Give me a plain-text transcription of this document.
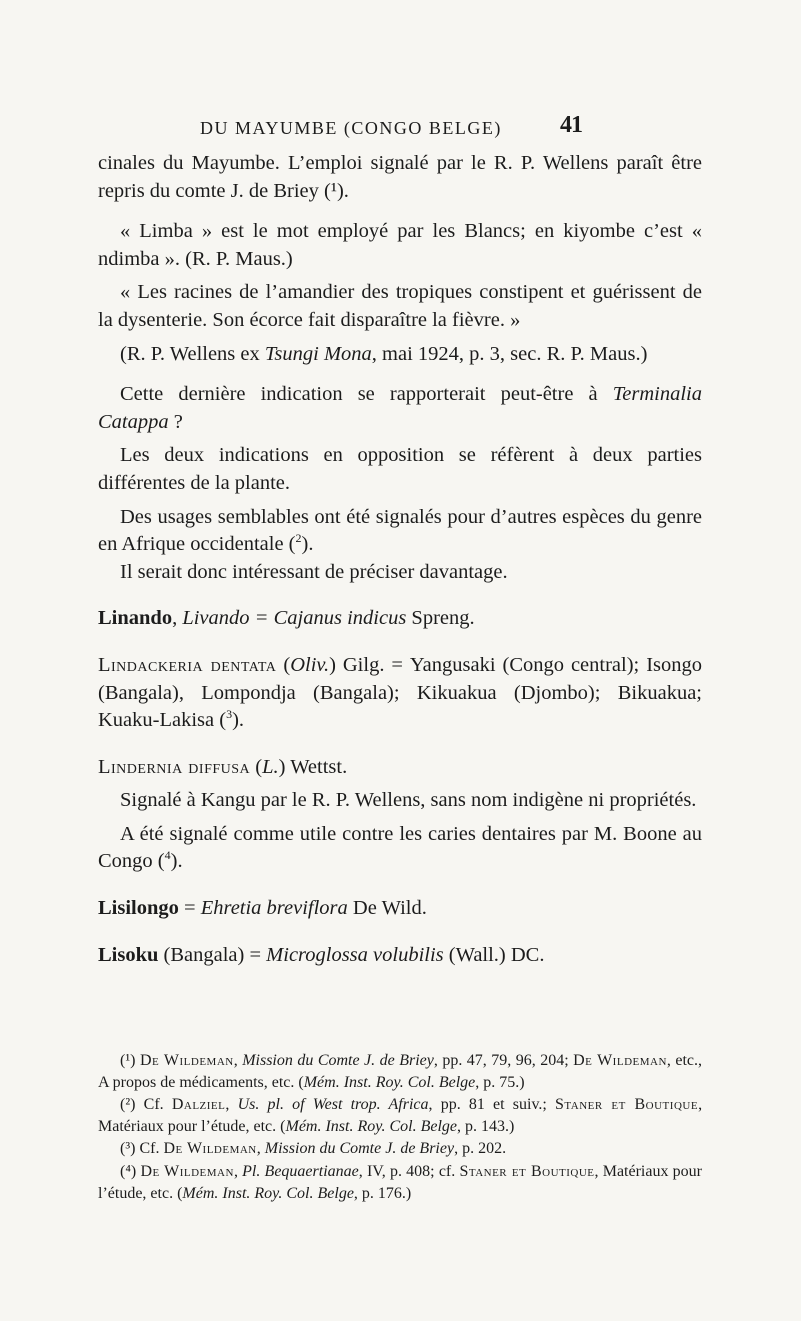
DU MAYUMBE (CONGO BELGE) 41

cinales du Mayumbe. L’emploi signalé par le R. P. Wellens paraît être repris du comte J. de Briey (¹).

« Limba » est le mot employé par les Blancs; en kiyombe c’est « ndimba ». (R. P. Maus.)

« Les racines de l’amandier des tropiques constipent et guérissent de la dysenterie. Son écorce fait disparaître la fièvre. »

(R. P. Wellens ex Tsungi Mona, mai 1924, p. 3, sec. R. P. Maus.)

Cette dernière indication se rapporterait peut-être à Terminalia Catappa ?

Les deux indications en opposition se réfèrent à deux parties différentes de la plante.

Des usages semblables ont été signalés pour d’autres espèces du genre en Afrique occidentale ($^2$).

Il serait donc intéressant de préciser davantage.

Linando, Livando = Cajanus indicus Spreng.

Lindackeria dentata (Oliv.) Gilg. = Yangusaki (Congo central); Isongo (Bangala), Lompondja (Bangala); Kikuakua (Djombo); Bikuakua; Kuaku-Lakisa ($^3$).

Lindernia diffusa (L.) Wettst.

Signalé à Kangu par le R. P. Wellens, sans nom indigène ni propriétés.

A été signalé comme utile contre les caries dentaires par M. Boone au Congo ($^4$).

Lisilongo = Ehretia breviflora De Wild.

Lisoku (Bangala) = Microglossa volubilis (Wall.) DC.

(¹) De Wildeman, Mission du Comte J. de Briey, pp. 47, 79, 96, 204; De Wildeman, etc., A propos de médicaments, etc. (Mém. Inst. Roy. Col. Belge, p. 75.)

(²) Cf. Dalziel, Us. pl. of West trop. Africa, pp. 81 et suiv.; Staner et Boutique, Matériaux pour l’étude, etc. (Mém. Inst. Roy. Col. Belge, p. 143.)

(³) Cf. De Wildeman, Mission du Comte J. de Briey, p. 202.

(⁴) De Wildeman, Pl. Bequaertianae, IV, p. 408; cf. Staner et Boutique, Matériaux pour l’étude, etc. (Mém. Inst. Roy. Col. Belge, p. 176.)
